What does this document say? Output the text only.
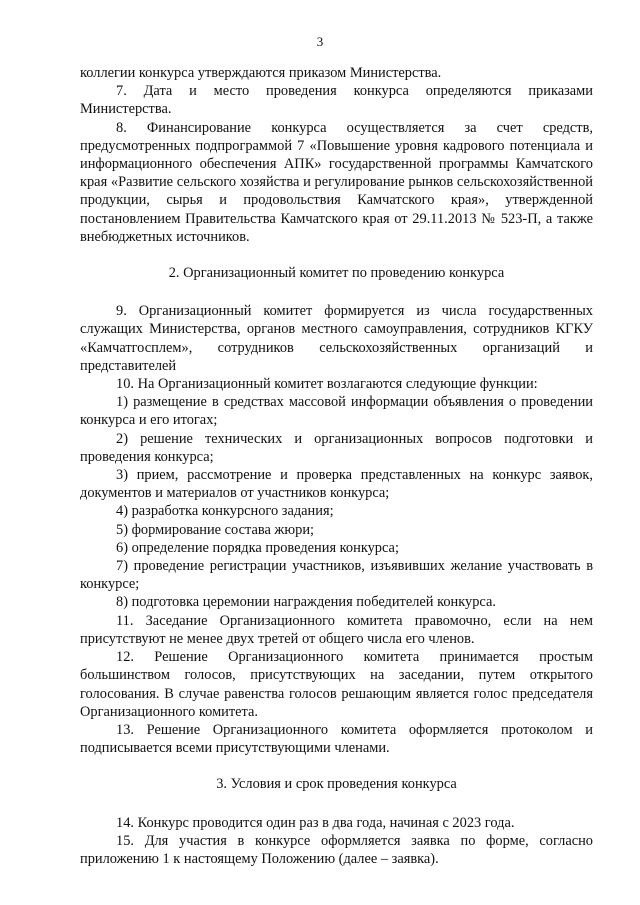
3

коллегии конкурса утверждаются приказом Министерства.

7. Дата и место проведения конкурса определяются приказами Министерства.

8. Финансирование конкурса осуществляется за счет средств, предусмотренных подпрограммой 7 «Повышение уровня кадрового потенциала и информационного обеспечения АПК» государственной программы Камчатского края «Развитие сельского хозяйства и регулирование рынков сельскохозяйственной продукции, сырья и продовольствия Камчатского края», утвержденной постановлением Правительства Камчатского края от 29.11.2013 № 523-П, а также внебюджетных источников.

2. Организационный комитет по проведению конкурса

9. Организационный комитет формируется из числа государственных служащих Министерства, органов местного самоуправления, сотрудников КГКУ «Камчатгосплем», сотрудников сельскохозяйственных организаций и представителей

10. На Организационный комитет возлагаются следующие функции:

1) размещение в средствах массовой информации объявления о проведении конкурса и его итогах;

2) решение технических и организационных вопросов подготовки и проведения конкурса;

3) прием, рассмотрение и проверка представленных на конкурс заявок, документов и материалов от участников конкурса;

4) разработка конкурсного задания;

5) формирование состава жюри;

6) определение порядка проведения конкурса;

7) проведение регистрации участников, изъявивших желание участвовать в конкурсе;

8) подготовка церемонии награждения победителей конкурса.

11. Заседание Организационного комитета правомочно, если на нем присутствуют не менее двух третей от общего числа его членов.

12. Решение Организационного комитета принимается простым большинством голосов, присутствующих на заседании, путем открытого голосования. В случае равенства голосов решающим является голос председателя Организационного комитета.

13. Решение Организационного комитета оформляется протоколом и подписывается всеми присутствующими членами.

3. Условия и срок проведения конкурса

14. Конкурс проводится один раз в два года, начиная с 2023 года.

15. Для участия в конкурсе оформляется заявка по форме, согласно приложению 1 к настоящему Положению (далее – заявка).
